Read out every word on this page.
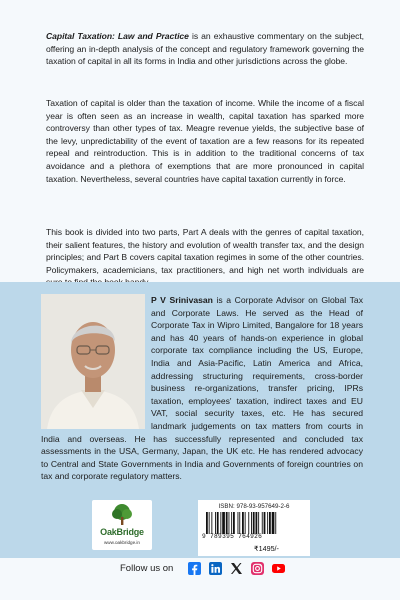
Capital Taxation: Law and Practice is an exhaustive commentary on the subject, offering an in-depth analysis of the concept and regulatory framework governing the taxation of capital in all its forms in India and other jurisdictions across the globe.

Taxation of capital is older than the taxation of income. While the income of a fiscal year is often seen as an increase in wealth, capital taxation has sparked more controversy than other types of tax. Meagre revenue yields, the subjective base of the levy, unpredictability of the event of taxation are a few reasons for its repeated repeal and reintroduction. This is in addition to the traditional concerns of tax avoidance and a plethora of exemptions that are more pronounced in capital taxation. Nevertheless, several countries have capital taxation currently in force.

This book is divided into two parts, Part A deals with the genres of capital taxation, their salient features, the history and evolution of wealth transfer tax, and the design principles; and Part B covers capital taxation regimes in some of the other countries. Policymakers, academicians, tax practitioners, and high net worth individuals are

P V Srinivasan is a Corporate Advisor on Global Tax and Corporate Laws. He served as the Head of Corporate Tax in Wipro Limited, Bangalore for 18 years and has 40 years of hands-on experience in global corporate tax compliance including the US, Europe, India and Asia-Pacific, Latin America and Africa, addressing structuring requirements, cross-border business re-organizations, transfer pricing, IPRs taxation, employees' taxation, indirect taxes and EU VAT, social security taxes, etc. He has secured landmark judgements on tax matters from courts in India and overseas. He has successfully represented and concluded tax assessments in the USA, Germany, Japan, the UK etc. He has rendered advocacy to Central and State Governments in India and Governments of foreign countries on tax and corporate regulatory matters.

OakBridge
www.oakbridge.in
ISBN: 978-93-957649-2-6
9 789395 764926
₹1495/-
Follow us on
